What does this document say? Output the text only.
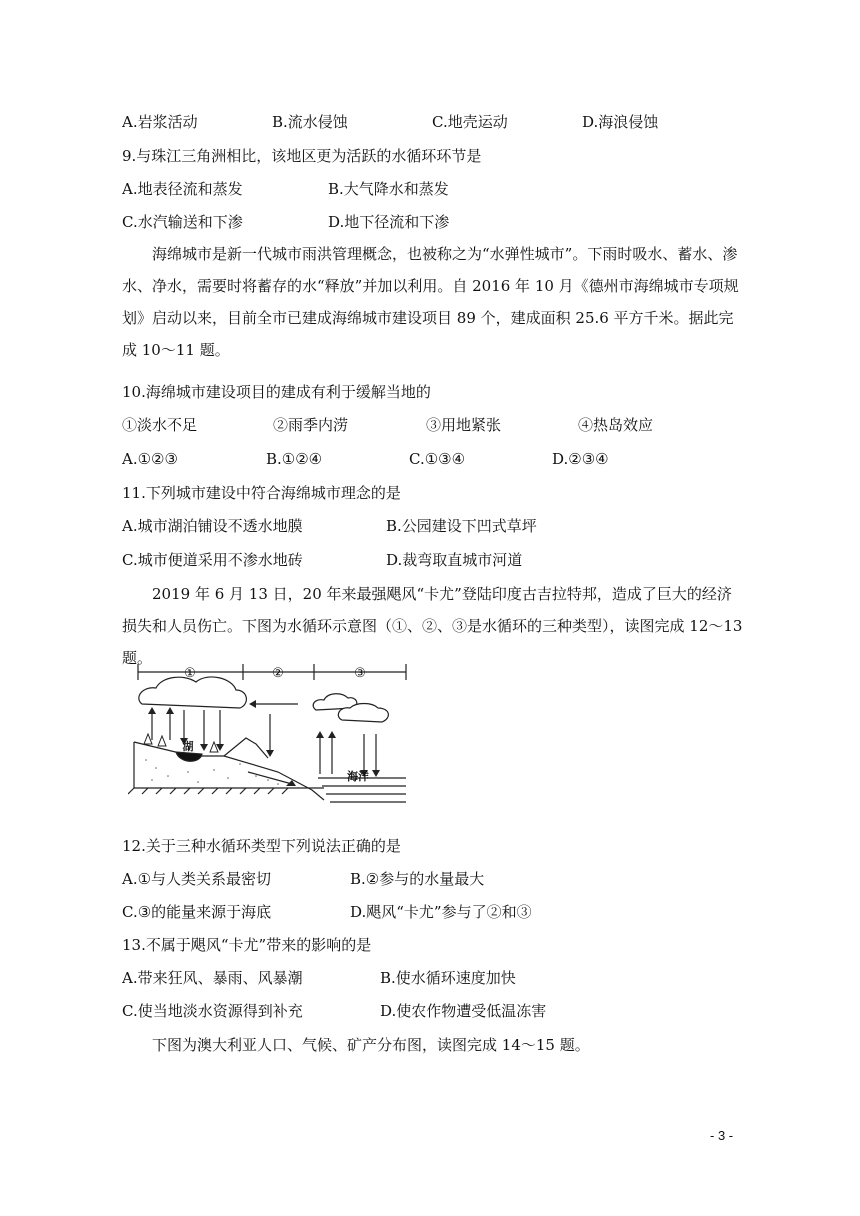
A.岩浆活动	B.流水侵蚀	C.地壳运动	D.海浪侵蚀
9.与珠江三角洲相比，该地区更为活跃的水循环环节是
A.地表径流和蒸发	B.大气降水和蒸发
C.水汽输送和下渗	D.地下径流和下渗
海绵城市是新一代城市雨洪管理概念，也被称之为“水弹性城市”。下雨时吸水、蓄水、渗水、净水，需要时将蓄存的水“释放”并加以利用。自 2016 年 10 月《德州市海绵城市专项规划》启动以来，目前全市已建成海绵城市建设项目 89 个，建成面积 25.6 平方千米。据此完成 10～11 题。
10.海绵城市建设项目的建成有利于缓解当地的
①淡水不足	②雨季内涝	③用地紧张	④热岛效应
A.①②③	B.①②④	C.①③④	D.②③④
11.下列城市建设中符合海绵城市理念的是
A.城市湖泊铺设不透水地膜	B.公园建设下凹式草坪
C.城市便道采用不渗水地砖	D.裁弯取直城市河道
2019 年 6 月 13 日，20 年来最强飓风“卡尤”登陆印度古吉拉特邦，造成了巨大的经济损失和人员伤亡。下图为水循环示意图（①、②、③是水循环的三种类型），读图完成 12～13 题。
①	②	③
湖
海洋
12.关于三种水循环类型下列说法正确的是
A.①与人类关系最密切	B.②参与的水量最大
C.③的能量来源于海底	D.飓风“卡尤”参与了②和③
13.不属于飓风“卡尤”带来的影响的是
A.带来狂风、暴雨、风暴潮	B.使水循环速度加快
C.使当地淡水资源得到补充	D.使农作物遭受低温冻害
下图为澳大利亚人口、气候、矿产分布图，读图完成 14～15 题。
- 3 -
